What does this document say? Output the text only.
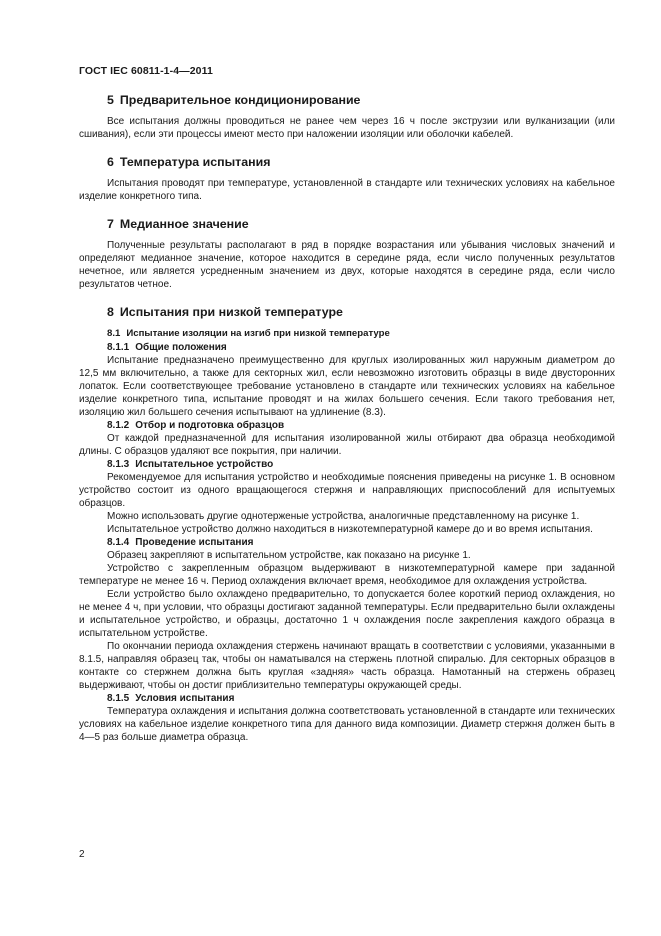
ГОСТ IEC 60811-1-4—2011
5 Предварительное кондиционирование

Все испытания должны проводиться не ранее чем через 16 ч после экструзии или вулканизации (или сшивания), если эти процессы имеют место при наложении изоляции или оболочки кабелей.

6 Температура испытания

Испытания проводят при температуре, установленной в стандарте или технических условиях на кабельное изделие конкретного типа.

7 Медианное значение

Полученные результаты располагают в ряд в порядке возрастания или убывания числовых значений и определяют медианное значение, которое находится в середине ряда, если число полученных результатов нечетное, или является усредненным значением из двух, которые находятся в середине ряда, если число результатов четное.

8 Испытания при низкой температуре
8.1 Испытание изоляции на изгиб при низкой температуре
8.1.1 Общие положения

Испытание предназначено преимущественно для круглых изолированных жил наружным диаметром до 12,5 мм включительно, а также для секторных жил, если невозможно изготовить образцы в виде двусторонних лопаток. Если соответствующее требование установлено в стандарте или технических условиях на кабельное изделие конкретного типа, испытание проводят и на жилах большего сечения. Если такого требования нет, изоляцию жил большего сечения испытывают на удлинение (8.3).

8.1.2 Отбор и подготовка образцов

От каждой предназначенной для испытания изолированной жилы отбирают два образца необходимой длины. С образцов удаляют все покрытия, при наличии.

8.1.3 Испытательное устройство

Рекомендуемое для испытания устройство и необходимые пояснения приведены на рисунке 1. В основном устройство состоит из одного вращающегося стержня и направляющих приспособлений для испытуемых образцов.

Можно использовать другие однотерженые устройства, аналогичные представленному на рисунке 1.

Испытательное устройство должно находиться в низкотемпературной камере до и во время испытания.

8.1.4 Проведение испытания

Образец закрепляют в испытательном устройстве, как показано на рисунке 1.

Устройство с закрепленным образцом выдерживают в низкотемпературной камере при заданной температуре не менее 16 ч. Период охлаждения включает время, необходимое для охлаждения устройства.

Если устройство было охлаждено предварительно, то допускается более короткий период охлаждения, но не менее 4 ч, при условии, что образцы достигают заданной температуры. Если предварительно были охлаждены и испытательное устройство, и образцы, достаточно 1 ч охлаждения после закрепления каждого образца в испытательном устройстве.

По окончании периода охлаждения стержень начинают вращать в соответствии с условиями, указанными в 8.1.5, направляя образец так, чтобы он наматывался на стержень плотной спиралью. Для секторных образцов в контакте со стержнем должна быть круглая «задняя» часть образца. Намотанный на стержень образец выдерживают, чтобы он достиг приблизительно температуры окружающей среды.

8.1.5 Условия испытания

Температура охлаждения и испытания должна соответствовать установленной в стандарте или технических условиях на кабельное изделие конкретного типа для данного вида композиции. Диаметр стержня должен быть в 4—5 раз больше диаметра образца.

2
